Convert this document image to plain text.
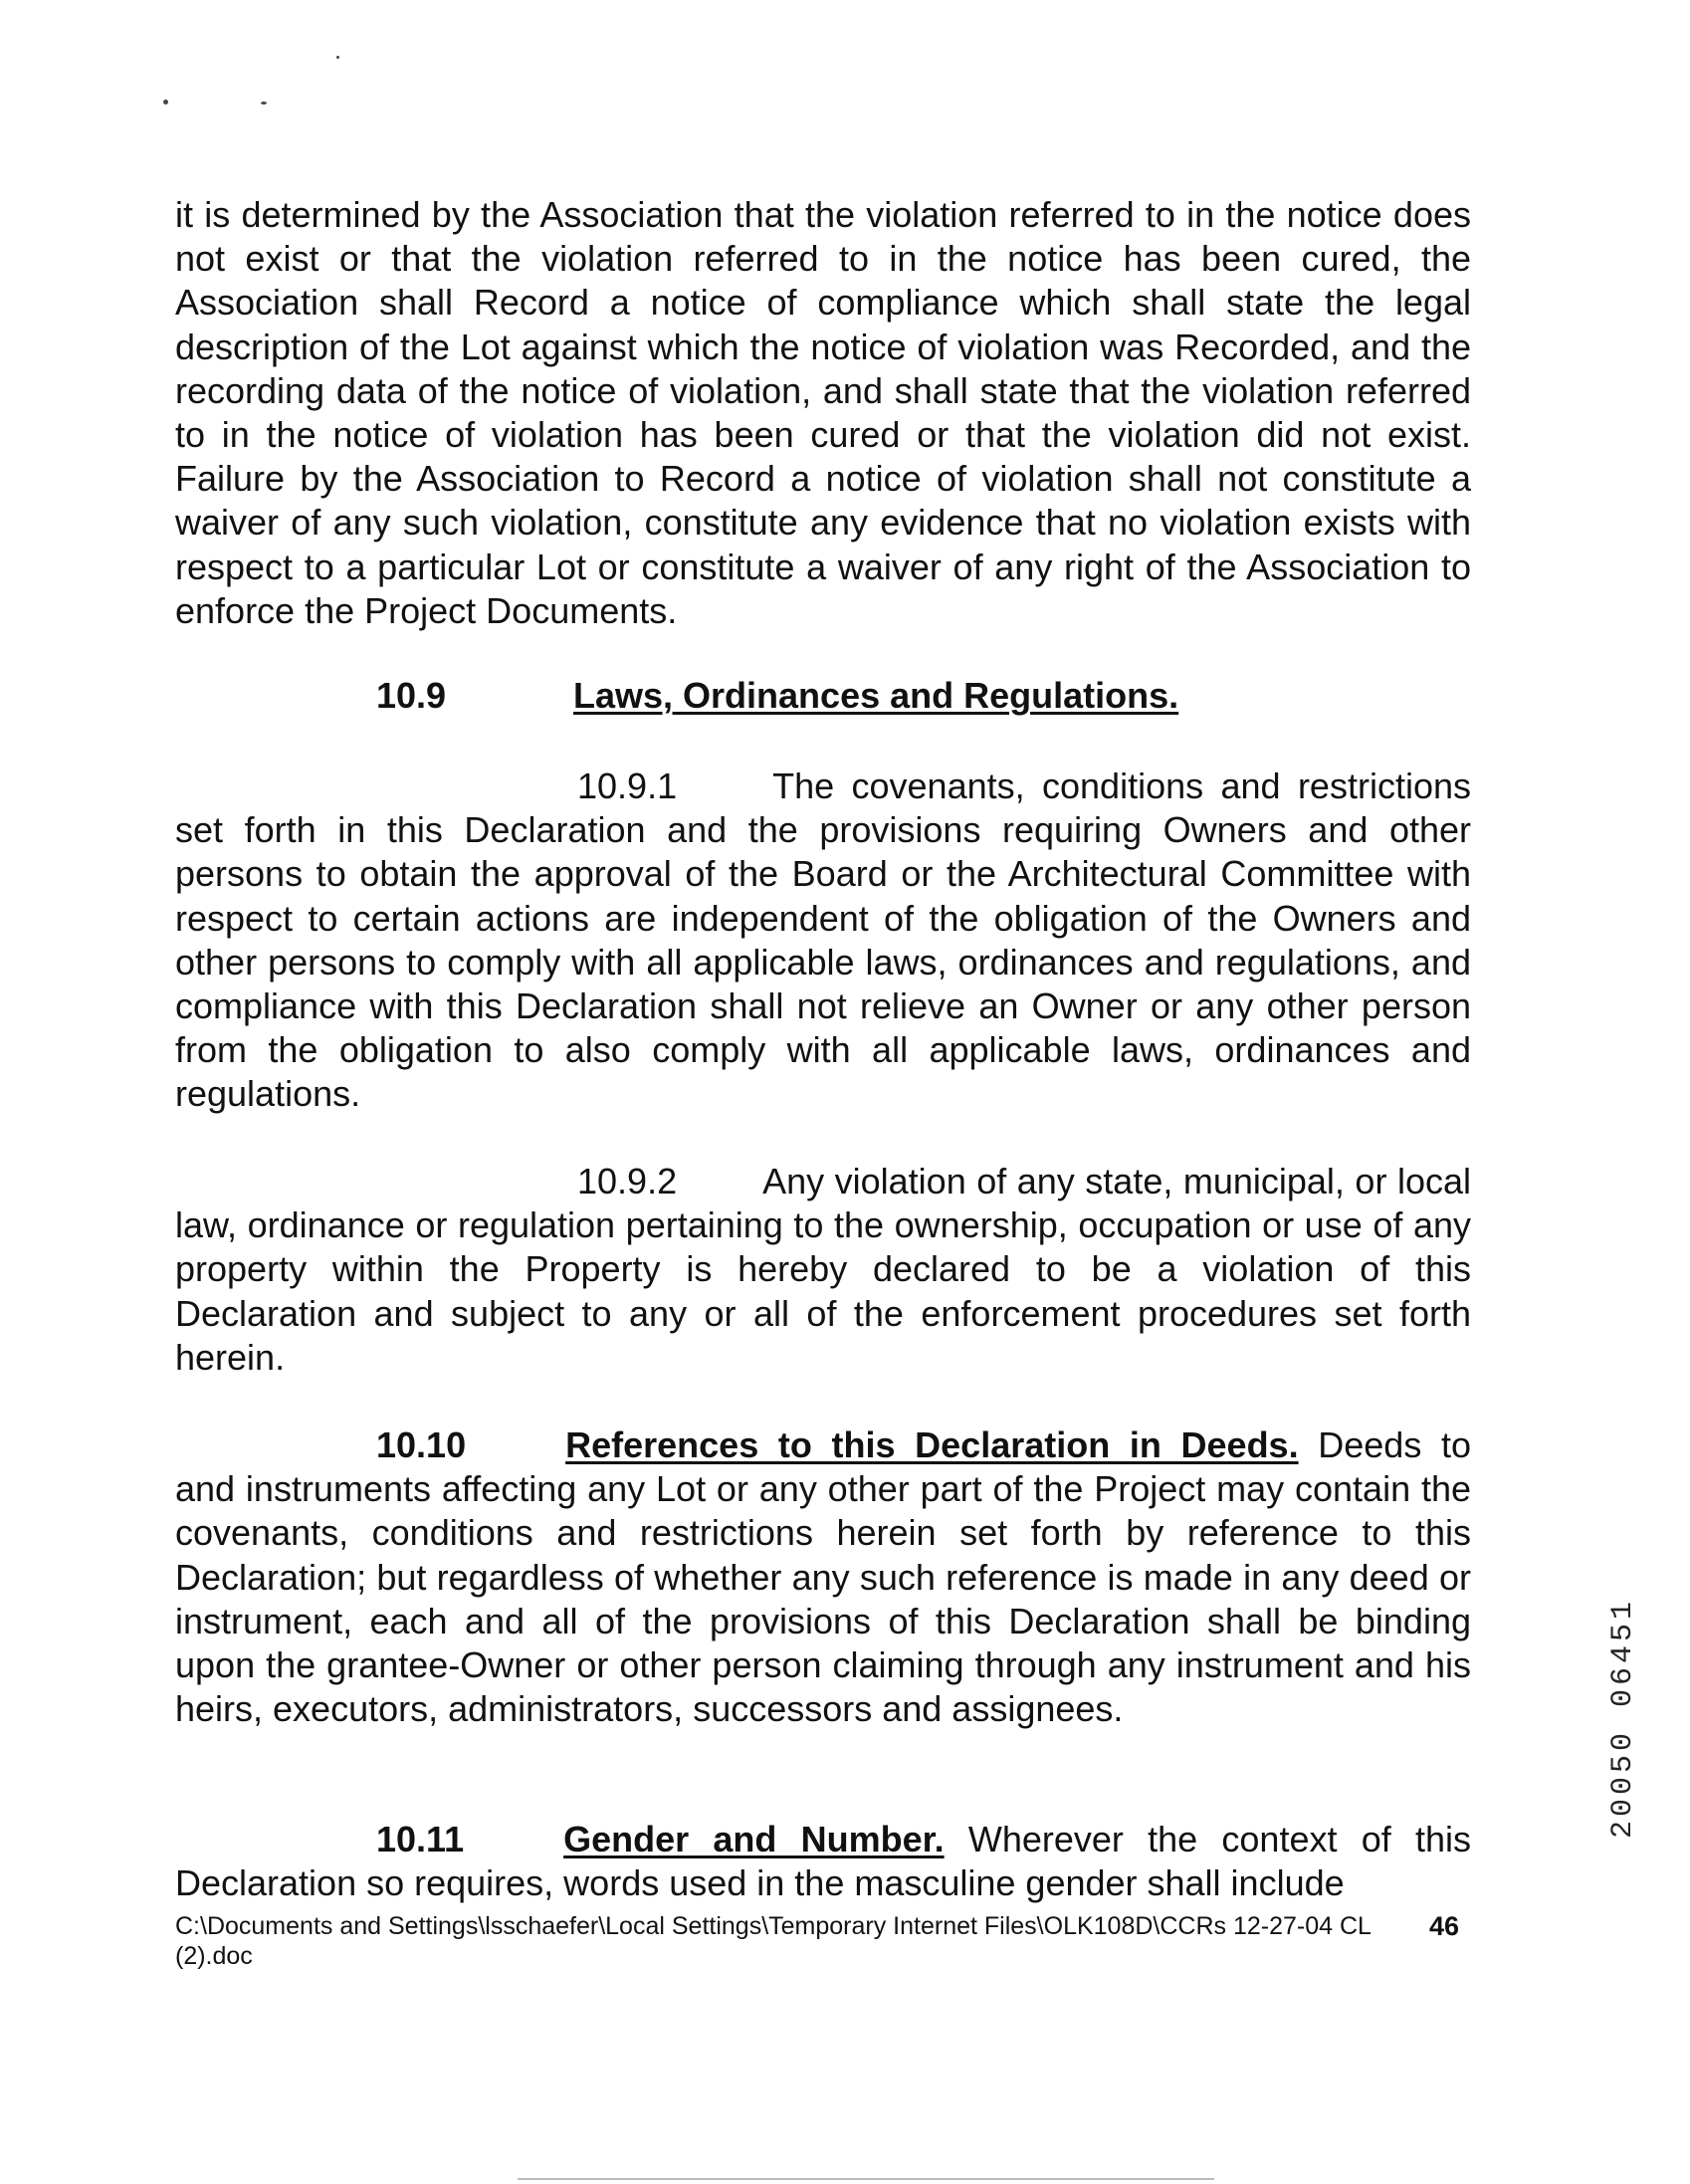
it is determined by the Association that the violation referred to in the notice does not exist or that the violation referred to in the notice has been cured, the Association shall Record a notice of compliance which shall state the legal description of the Lot against which the notice of violation was Recorded, and the recording data of the notice of violation, and shall state that the violation referred to in the notice of violation has been cured or that the violation did not exist. Failure by the Association to Record a notice of violation shall not constitute a waiver of any such violation, constitute any evidence that no violation exists with respect to a particular Lot or constitute a waiver of any right of the Association to enforce the Project Documents.
10.9	Laws, Ordinances and Regulations.
10.9.1	The covenants, conditions and restrictions set forth in this Declaration and the provisions requiring Owners and other persons to obtain the approval of the Board or the Architectural Committee with respect to certain actions are independent of the obligation of the Owners and other persons to comply with all applicable laws, ordinances and regulations, and compliance with this Declaration shall not relieve an Owner or any other person from the obligation to also comply with all applicable laws, ordinances and regulations.
10.9.2 Any violation of any state, municipal, or local law, ordinance or regulation pertaining to the ownership, occupation or use of any property within the Property is hereby declared to be a violation of this Declaration and subject to any or all of the enforcement procedures set forth herein.
10.10	References to this Declaration in Deeds. Deeds to and instruments affecting any Lot or any other part of the Project may contain the covenants, conditions and restrictions herein set forth by reference to this Declaration; but regardless of whether any such reference is made in any deed or instrument, each and all of the provisions of this Declaration shall be binding upon the grantee-Owner or other person claiming through any instrument and his heirs, executors, administrators, successors and assignees.
10.11	Gender and Number. Wherever the context of this Declaration so requires, words used in the masculine gender shall include
C:\Documents and Settings\lsschaefer\Local Settings\Temporary Internet Files\OLK108D\CCRs 12-27-04 CL (2).doc
46
20050 06451
